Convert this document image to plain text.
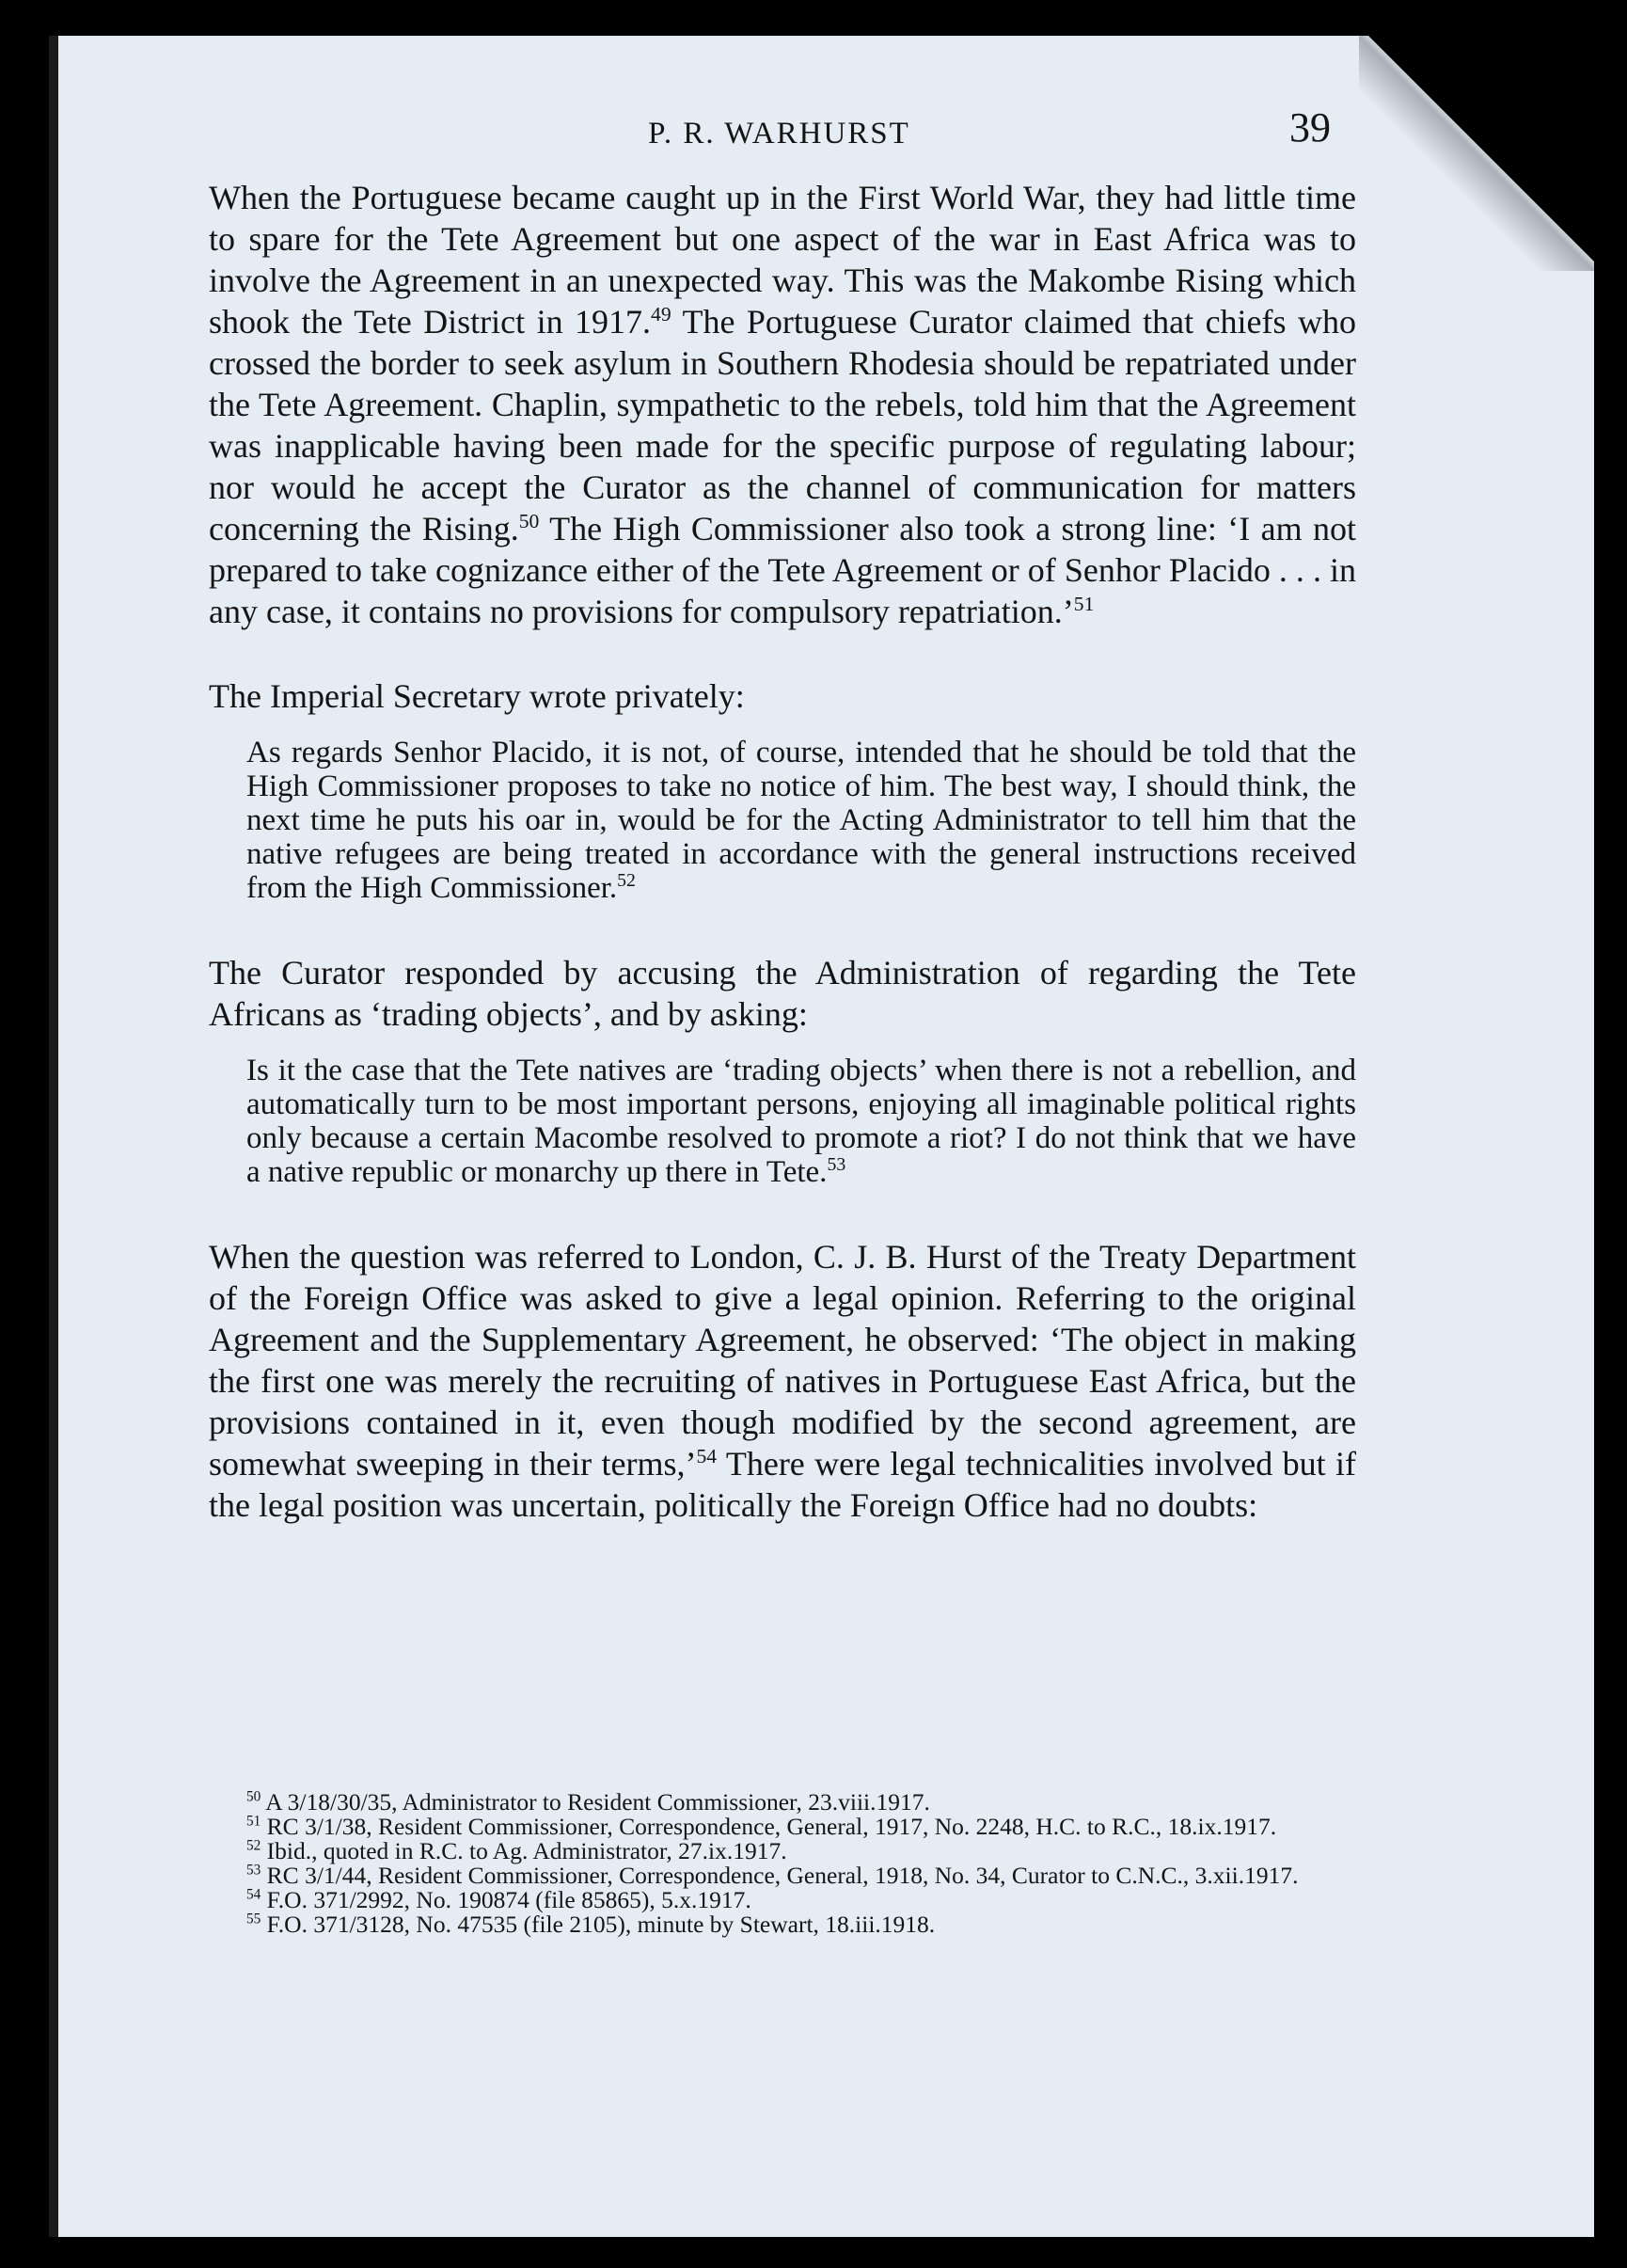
P. R. WARHURST	39

When the Portuguese became caught up in the First World War, they had little time to spare for the Tete Agreement but one aspect of the war in East Africa was to involve the Agreement in an unexpected way. This was the Makombe Rising which shook the Tete District in 1917.49 The Portuguese Curator claimed that chiefs who crossed the border to seek asylum in Southern Rhodesia should be repatriated under the Tete Agreement. Chaplin, sympathetic to the rebels, told him that the Agreement was inapplicable having been made for the specific purpose of regulating labour; nor would he accept the Curator as the channel of communication for matters concerning the Rising.$^{50}$ The High Commissioner also took a strong line: ‘I am not prepared to take cognizance either of the Tete Agreement or of Senhor Placido . . . in any case, it contains no provisions for compulsory repatriation.’$^{51}$

The Imperial Secretary wrote privately:

As regards Senhor Placido, it is not, of course, intended that he should be told that the High Commissioner proposes to take no notice of him. The best way, I should think, the next time he puts his oar in, would be for the Acting Administrator to tell him that the native refugees are being treated in accordance with the general instructions received from the High Commissioner.$^{52}$

The Curator responded by accusing the Administration of regarding the Tete Africans as ‘trading objects’, and by asking:

Is it the case that the Tete natives are ‘trading objects’ when there is not a rebellion, and automatically turn to be most important persons, enjoying all imaginable political rights only because a certain Macombe resolved to promote a riot? I do not think that we have a native republic or monarchy up there in Tete.$^{53}$

When the question was referred to London, C. J. B. Hurst of the Treaty Department of the Foreign Office was asked to give a legal opinion. Referring to the original Agreement and the Supplementary Agreement, he observed: ‘The object in making the first one was merely the recruiting of natives in Portuguese East Africa, but the provisions contained in it, even though modified by the second agreement, are somewhat sweeping in their terms,’$^{54}$ There were legal technicalities involved but if the legal position was uncertain, politically the Foreign Office had no doubts:

$^{50}$ A 3/18/30/35, Administrator to Resident Commissioner, 23.viii.1917.

$^{51}$ RC 3/1/38, Resident Commissioner, Correspondence, General, 1917, No. 2248, H.C. to R.C., 18.ix.1917.

$^{52}$ Ibid., quoted in R.C. to Ag. Administrator, 27.ix.1917.

$^{53}$ RC 3/1/44, Resident Commissioner, Correspondence, General, 1918, No. 34, Curator to C.N.C., 3.xii.1917.

$^{54}$ F.O. 371/2992, No. 190874 (file 85865), 5.x.1917.

$^{55}$ F.O. 371/3128, No. 47535 (file 2105), minute by Stewart, 18.iii.1918.
